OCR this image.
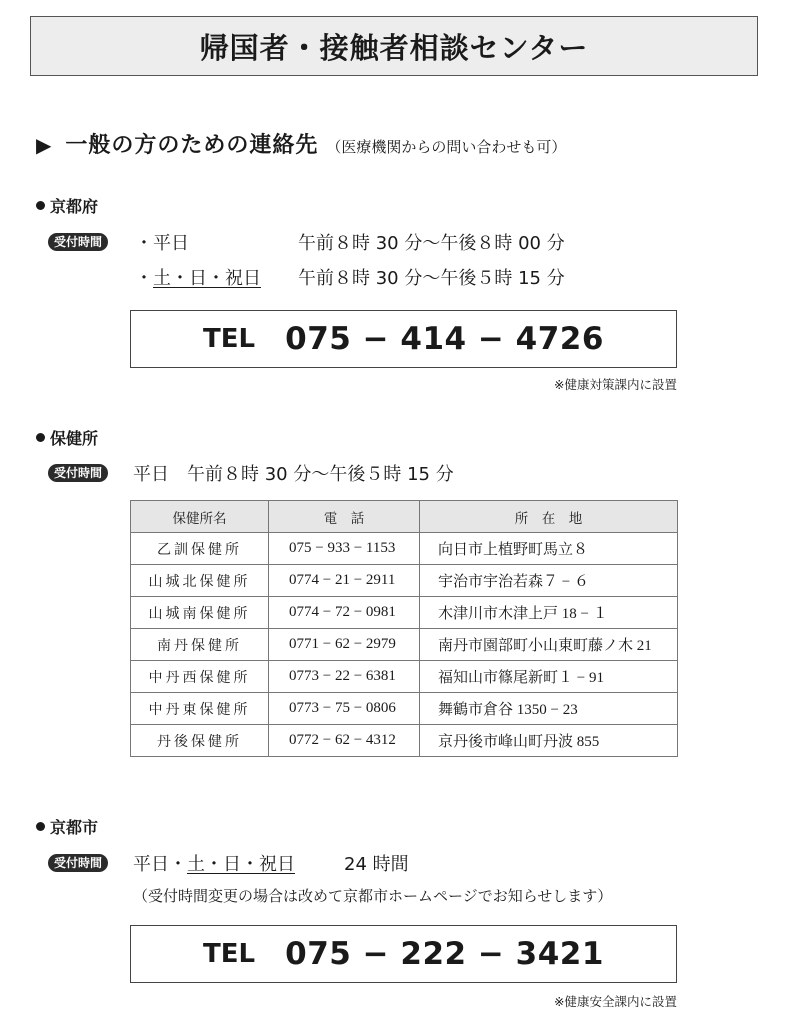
帰国者・接触者相談センター
▶ 一般の方のための連絡先 （医療機関からの問い合わせも可）
京都府
受付時間	・平日	午前８時 30 分〜午後８時 00 分
・土・日・祝日 午前８時 30 分〜午後５時 15 分
TEL 075 − 414 − 4726
※健康対策課内に設置
保健所
受付時間	平日　午前８時 30 分〜午後５時 15 分
保健所名	電　話	所　在　地
乙訓保健所	075 − 933 − 1153	向日市上植野町馬立８
山城北保健所	0774 − 21 − 2911	宇治市宇治若森７ − ６
山城南保健所	0774 − 72 − 0981	木津川市木津上戸 18 − １
南丹保健所	0771 − 62 − 2979	南丹市園部町小山東町藤ノ木 21
中丹西保健所	0773 − 22 − 6381	福知山市篠尾新町１ − 91
中丹東保健所	0773 − 75 − 0806	舞鶴市倉谷 1350 − 23
丹後保健所	0772 − 62 − 4312	京丹後市峰山町丹波 855
京都市
受付時間	平日・土・日・祝日	24 時間
（受付時間変更の場合は改めて京都市ホームページでお知らせします）
TEL 075 − 222 − 3421
※健康安全課内に設置
